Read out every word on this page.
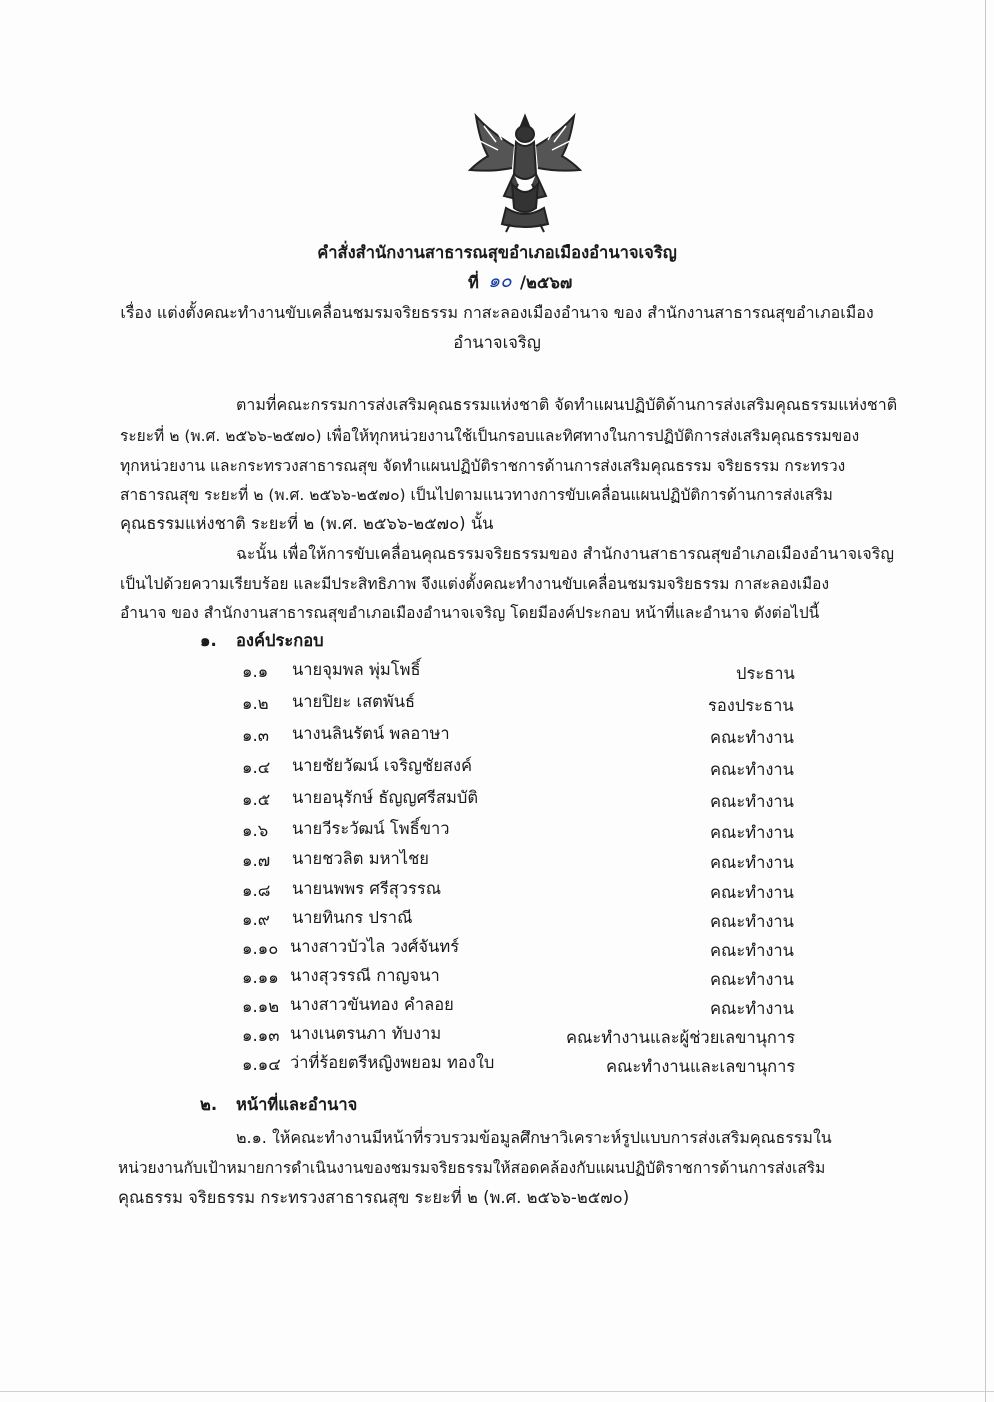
คำสั่งสำนักงานสาธารณสุขอำเภอเมืองอำนาจเจริญ
ที่ ๑๐ /๒๕๖๗
เรื่อง แต่งตั้งคณะทำงานขับเคลื่อนชมรมจริยธรรม กาสะลองเมืองอำนาจ ของ สำนักงานสาธารณสุขอำเภอเมือง
อำนาจเจริญ
ตามที่คณะกรรมการส่งเสริมคุณธรรมแห่งชาติ จัดทำแผนปฏิบัติด้านการส่งเสริมคุณธรรมแห่งชาติ
ระยะที่ ๒ (พ.ศ. ๒๕๖๖-๒๕๗๐) เพื่อให้ทุกหน่วยงานใช้เป็นกรอบและทิศทางในการปฏิบัติการส่งเสริมคุณธรรมของ
ทุกหน่วยงาน และกระทรวงสาธารณสุข จัดทำแผนปฏิบัติราชการด้านการส่งเสริมคุณธรรม จริยธรรม กระทรวง
สาธารณสุข ระยะที่ ๒ (พ.ศ. ๒๕๖๖-๒๕๗๐) เป็นไปตามแนวทางการขับเคลื่อนแผนปฏิบัติการด้านการส่งเสริม
คุณธรรมแห่งชาติ ระยะที่ ๒ (พ.ศ. ๒๕๖๖-๒๕๗๐) นั้น
ฉะนั้น เพื่อให้การขับเคลื่อนคุณธรรมจริยธรรมของ สำนักงานสาธารณสุขอำเภอเมืองอำนาจเจริญ
เป็นไปด้วยความเรียบร้อย และมีประสิทธิภาพ จึงแต่งตั้งคณะทำงานขับเคลื่อนชมรมจริยธรรม กาสะลองเมือง
อำนาจ ของ สำนักงานสาธารณสุขอำเภอเมืองอำนาจเจริญ โดยมีองค์ประกอบ หน้าที่และอำนาจ ดังต่อไปนี้
๑. องค์ประกอบ
๑.๑ นายจุมพล พุ่มโพธิ์	ประธาน
๑.๒ นายปิยะ เสตพันธ์	รองประธาน
๑.๓ นางนลินรัตน์ พลอาษา	คณะทำงาน
๑.๔ นายชัยวัฒน์ เจริญชัยสงค์	คณะทำงาน
๑.๕ นายอนุรักษ์ ธัญญศรีสมบัติ	คณะทำงาน
๑.๖ นายวีระวัฒน์ โพธิ์ขาว	คณะทำงาน
๑.๗ นายชวลิต มหาไชย	คณะทำงาน
๑.๘ นายนพพร ศรีสุวรรณ	คณะทำงาน
๑.๙ นายทินกร ปราณี	คณะทำงาน
๑.๑๐ นางสาวบัวไล วงศ์จันทร์	คณะทำงาน
๑.๑๑ นางสุวรรณี กาญจนา	คณะทำงาน
๑.๑๒ นางสาวขันทอง คำลอย	คณะทำงาน
๑.๑๓ นางเนตรนภา ทับงาม	คณะทำงานและผู้ช่วยเลขานุการ
๑.๑๔ ว่าที่ร้อยตรีหญิงพยอม ทองใบ	คณะทำงานและเลขานุการ
๒. หน้าที่และอำนาจ
๒.๑. ให้คณะทำงานมีหน้าที่รวบรวมข้อมูลศึกษาวิเคราะห์รูปแบบการส่งเสริมคุณธรรมใน
หน่วยงานกับเป้าหมายการดำเนินงานของชมรมจริยธรรมให้สอดคล้องกับแผนปฏิบัติราชการด้านการส่งเสริม
คุณธรรม จริยธรรม กระทรวงสาธารณสุข ระยะที่ ๒ (พ.ศ. ๒๕๖๖-๒๕๗๐)
